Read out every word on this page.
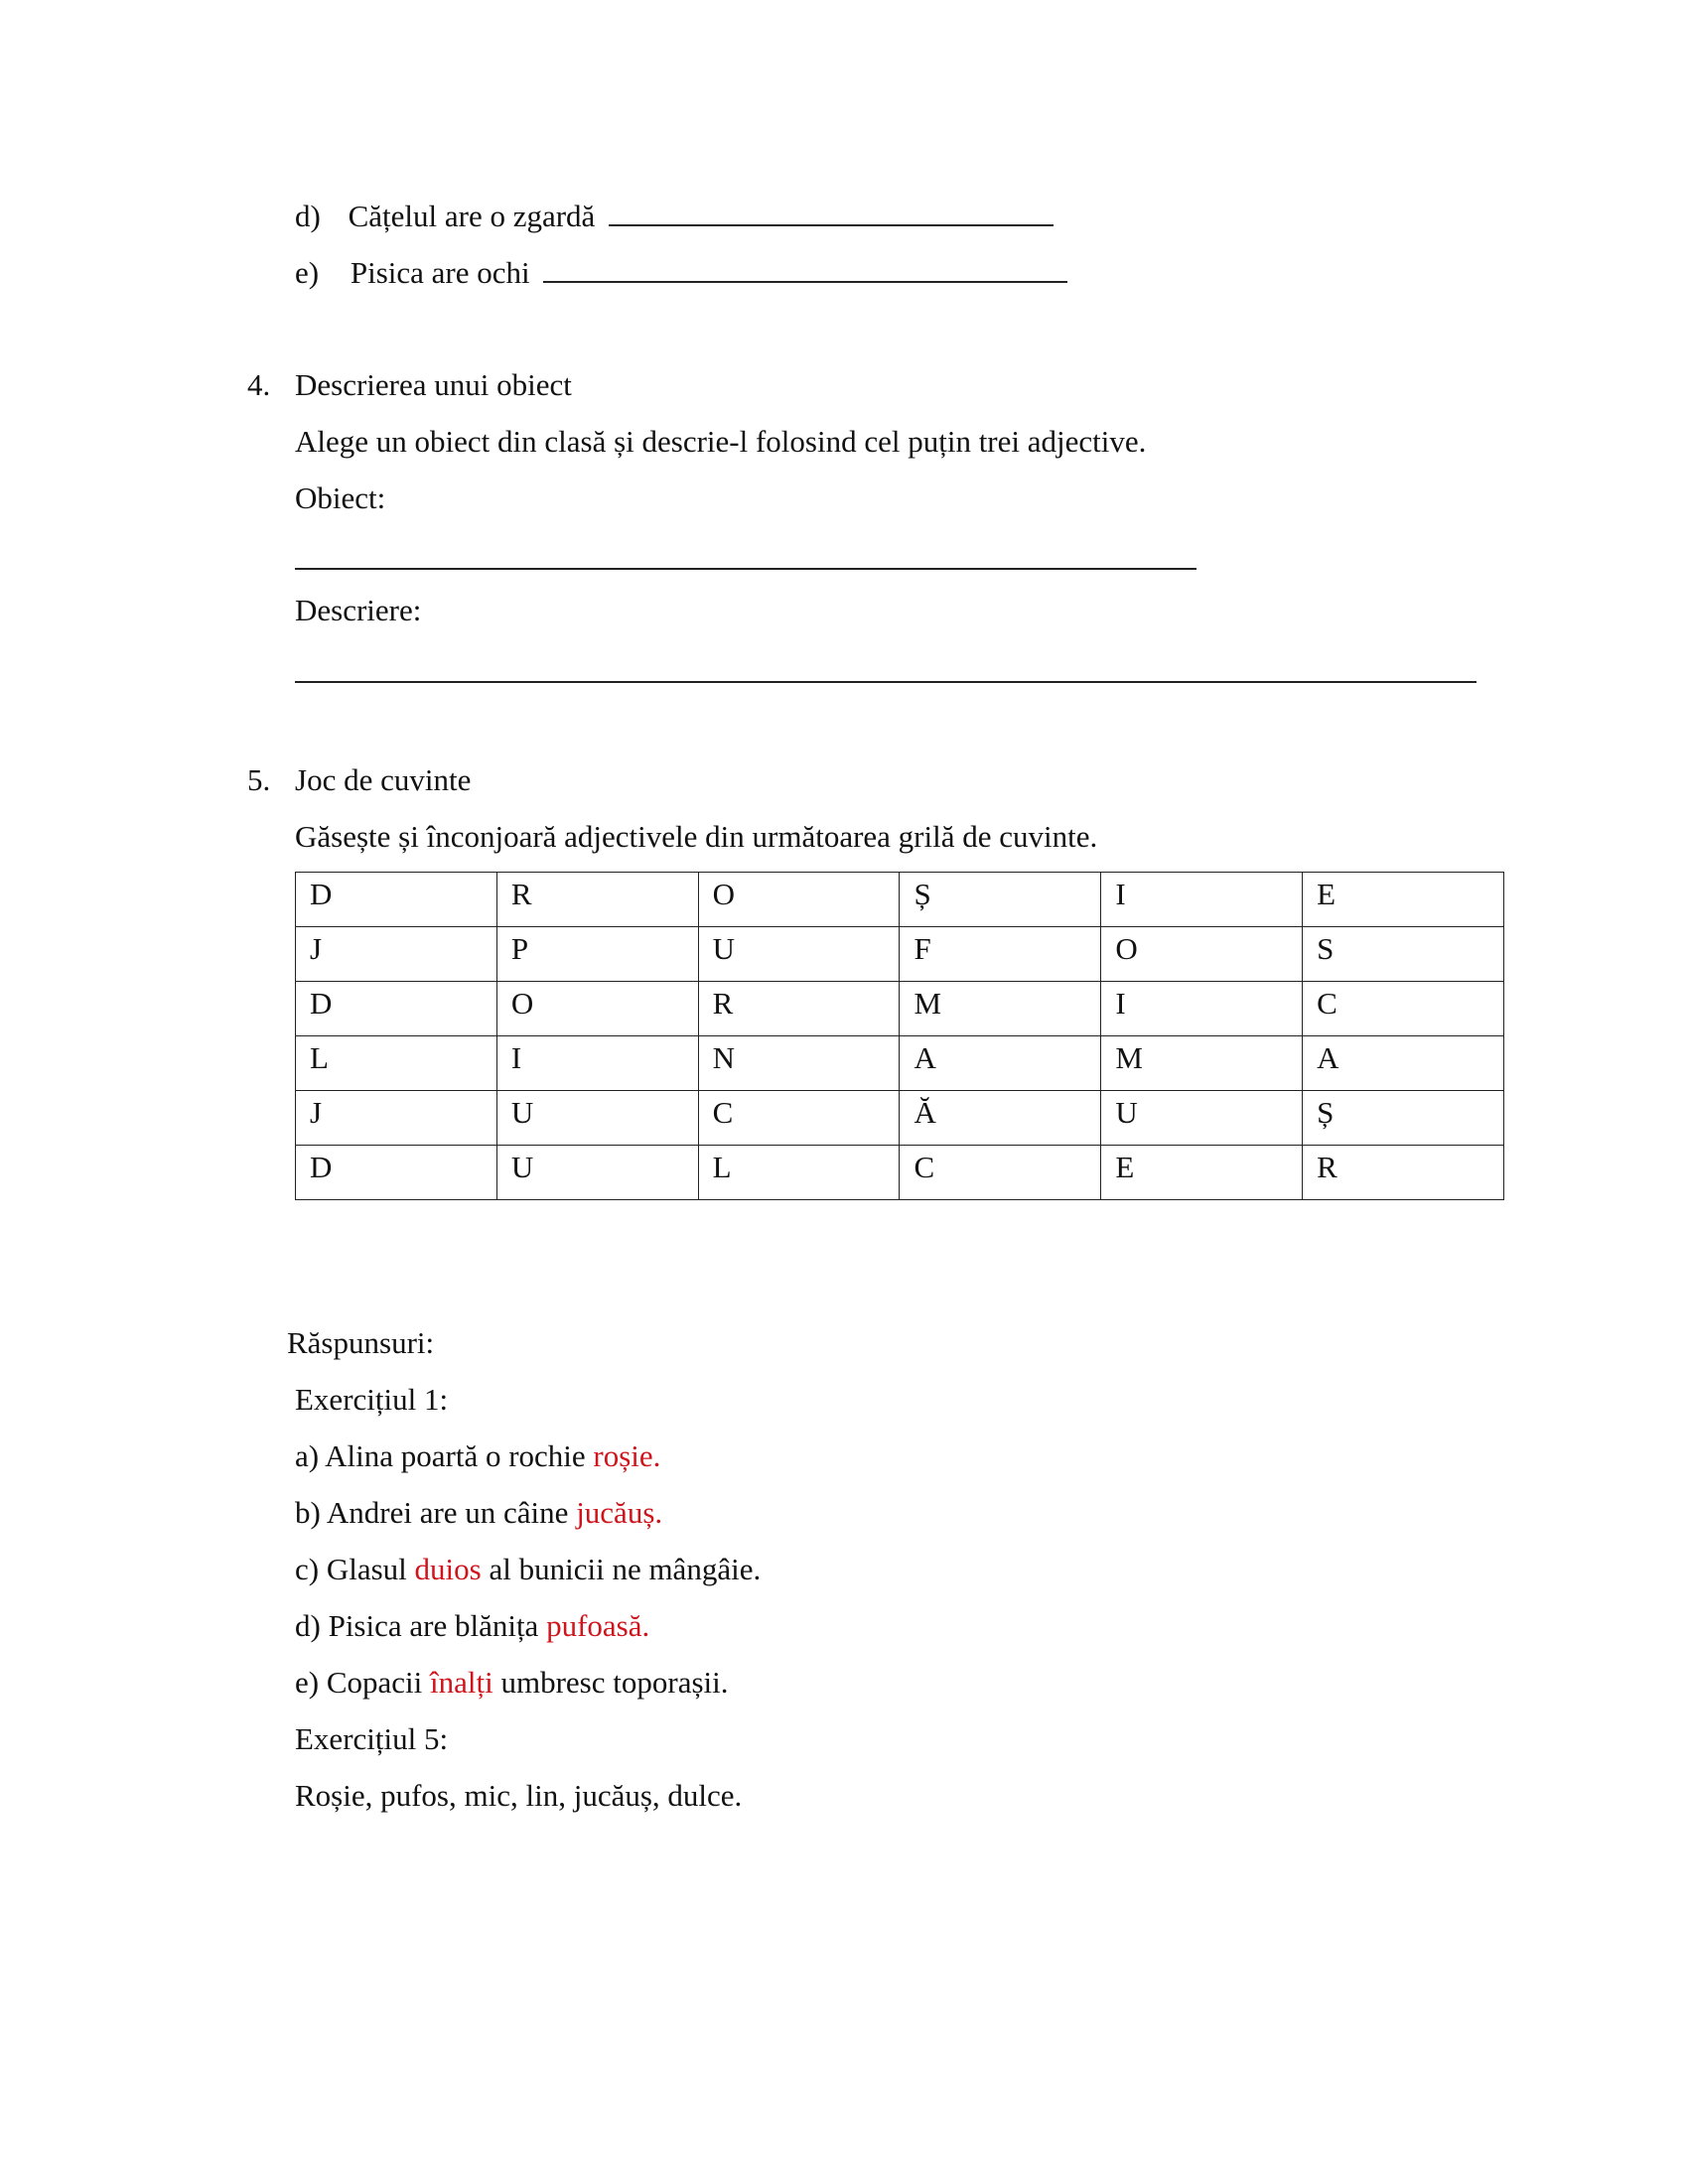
d) Cățelul are o zgardă
e) Pisica are ochi
4. Descrierea unui obiect
Alege un obiect din clasă și descrie-l folosind cel puțin trei adjective.
Obiect:
Descriere:
5. Joc de cuvinte
Găsește și înconjoară adjectivele din următoarea grilă de cuvinte.
D	R	O	Ș	I	E
J	P	U	F	O	S
D	O	R	M	I	C
L	I	N	A	M	A
J	U	C	Ă	U	Ș
D	U	L	C	E	R
Răspunsuri:
Exercițiul 1:
a) Alina poartă o rochie roșie.
b) Andrei are un câine jucăuș.
c) Glasul duios al bunicii ne mângâie.
d) Pisica are blănița pufoasă.
e) Copacii înalți umbresc toporașii.
Exercițiul 5:
Roșie, pufos, mic, lin, jucăuș, dulce.
